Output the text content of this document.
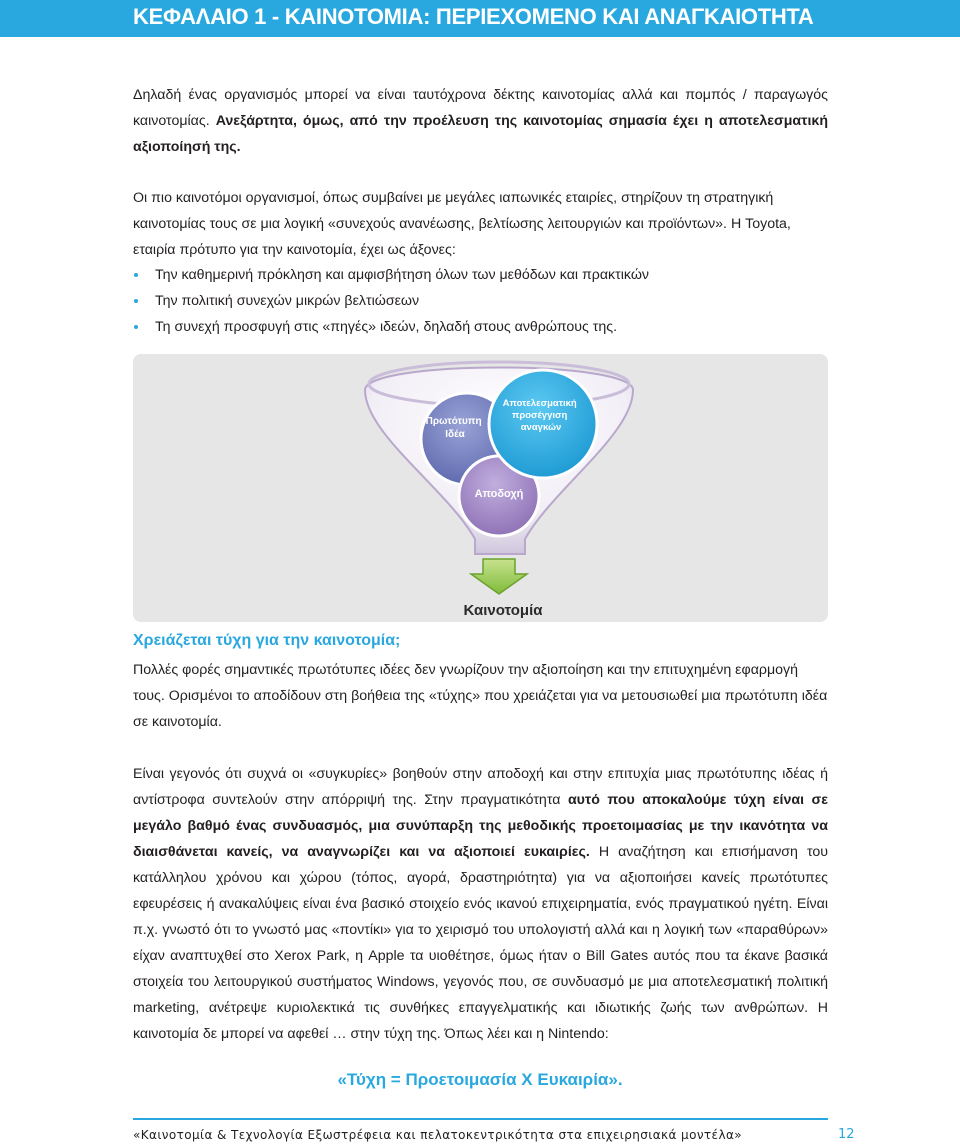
ΚΕΦΑΛΑΙΟ 1 - ΚΑΙΝΟΤΟΜΙΑ: ΠΕΡΙΕΧΟΜΕΝΟ ΚΑΙ ΑΝΑΓΚΑΙΟΤΗΤΑ
Δηλαδή ένας οργανισμός μπορεί να είναι ταυτόχρονα δέκτης καινοτομίας αλλά και πομπός / παραγωγός καινοτομίας. Ανεξάρτητα, όμως, από την προέλευση της καινοτομίας σημασία έχει η αποτελεσματική αξιοποίησή της.
Οι πιο καινοτόμοι οργανισμοί, όπως συμβαίνει με μεγάλες ιαπωνικές εταιρίες, στηρίζουν τη στρατηγική καινοτομίας τους σε μια λογική «συνεχούς ανανέωσης, βελτίωσης λειτουργιών και προϊόντων». Η Toyota, εταιρία πρότυπο για την καινοτομία, έχει ως άξονες:
Την καθημερινή πρόκληση και αμφισβήτηση όλων των μεθόδων και πρακτικών
Την πολιτική συνεχών μικρών βελτιώσεων
Τη συνεχή προσφυγή στις «πηγές» ιδεών, δηλαδή στους ανθρώπους της.
Πρωτότυπη Ιδέα
Αποτελεσματική προσέγγιση αναγκών
Αποδοχή
Καινοτομία
Χρειάζεται τύχη για την καινοτομία;
Πολλές φορές σημαντικές πρωτότυπες ιδέες δεν γνωρίζουν την αξιοποίηση και την επιτυχημένη εφαρμογή τους. Ορισμένοι το αποδίδουν στη βοήθεια της «τύχης» που χρειάζεται για να μετουσιωθεί μια πρωτότυπη ιδέα σε καινοτομία.
Είναι γεγονός ότι συχνά οι «συγκυρίες» βοηθούν στην αποδοχή και στην επιτυχία μιας πρωτότυπης ιδέας ή αντίστροφα συντελούν στην απόρριψή της. Στην πραγματικότητα αυτό που αποκαλούμε τύχη είναι σε μεγάλο βαθμό ένας συνδυασμός, μια συνύπαρξη της μεθοδικής προετοιμασίας με την ικανότητα να διαισθάνεται κανείς, να αναγνωρίζει και να αξιοποιεί ευκαιρίες. Η αναζήτηση και επισήμανση του κατάλληλου χρόνου και χώρου (τόπος, αγορά, δραστηριότητα) για να αξιοποιήσει κανείς πρωτότυπες εφευρέσεις ή ανακαλύψεις είναι ένα βασικό στοιχείο ενός ικανού επιχειρηματία, ενός πραγματικού ηγέτη. Είναι π.χ. γνωστό ότι το γνωστό μας «ποντίκι» για το χειρισμό του υπολογιστή αλλά και η λογική των «παραθύρων» είχαν αναπτυχθεί στο Xerox Park, η Apple τα υιοθέτησε, όμως ήταν ο Bill Gates αυτός που τα έκανε βασικά στοιχεία του λειτουργικού συστήματος Windows, γεγονός που, σε συνδυασμό με μια αποτελεσματική πολιτική marketing, ανέτρεψε κυριολεκτικά τις συνθήκες επαγγελματικής και ιδιωτικής ζωής των ανθρώπων. Η καινοτομία δε μπορεί να αφεθεί … στην τύχη της. Όπως λέει και η Nintendo:
«Τύχη = Προετοιμασία Χ Ευκαιρία».
«Καινοτομία & Τεχνολογία Εξωστρέφεια και πελατοκεντρικότητα στα επιχειρησιακά μοντέλα»	12
